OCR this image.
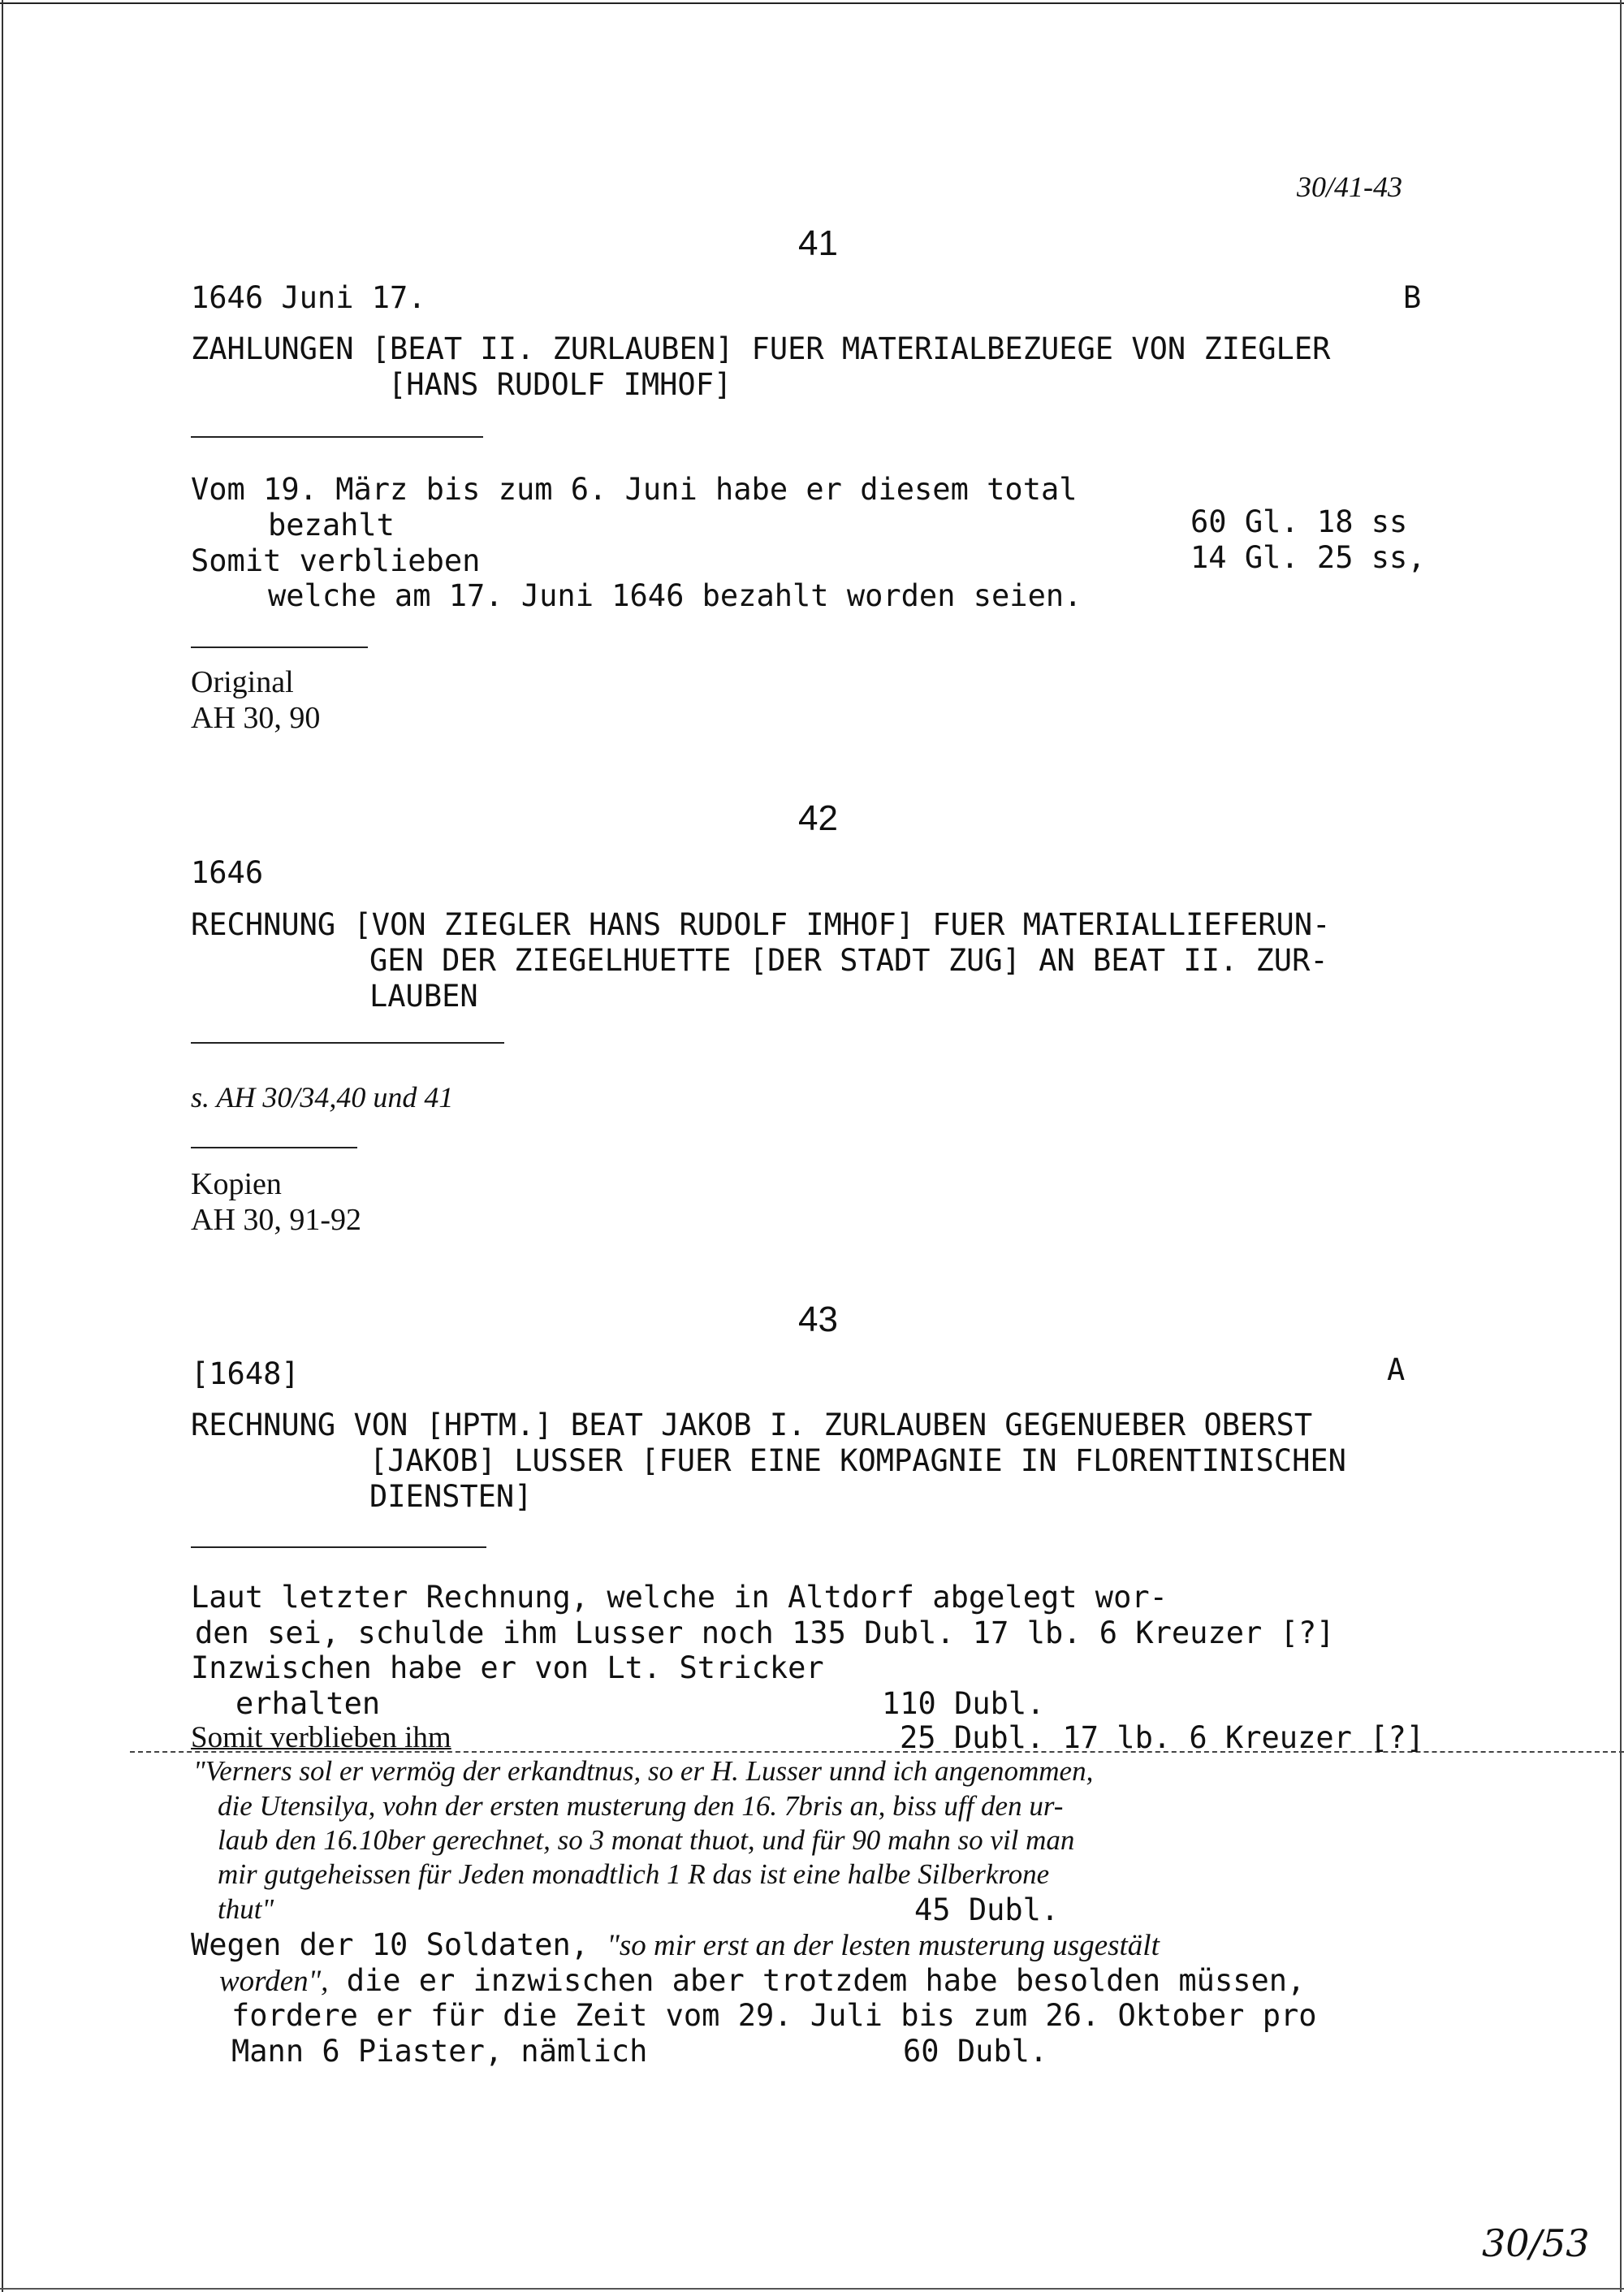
30/41-43
41
1646 Juni 17.	B
ZAHLUNGEN [BEAT II. ZURLAUBEN] FUER MATERIALBEZUEGE VON ZIEGLER
[HANS RUDOLF IMHOF]
Vom 19. März bis zum 6. Juni habe er diesem total
bezahlt	60 Gl. 18 ss
Somit verblieben	14 Gl. 25 ss,
welche am 17. Juni 1646 bezahlt worden seien.
Original
AH 30, 90
42
1646
RECHNUNG [VON ZIEGLER HANS RUDOLF IMHOF] FUER MATERIALLIEFERUN-
GEN DER ZIEGELHUETTE [DER STADT ZUG] AN BEAT II. ZUR-
LAUBEN
s. AH 30/34,40 und 41
Kopien
AH 30, 91-92
43
[1648]	A
RECHNUNG VON [HPTM.] BEAT JAKOB I. ZURLAUBEN GEGENUEBER OBERST
[JAKOB] LUSSER [FUER EINE KOMPAGNIE IN FLORENTINISCHEN
DIENSTEN]
Laut letzter Rechnung, welche in Altdorf abgelegt wor-
den sei, schulde ihm Lusser noch 135 Dubl. 17 lb. 6 Kreuzer [?]
Inzwischen habe er von Lt. Stricker
erhalten	110 Dubl.
Somit verblieben ihm	25 Dubl. 17 lb. 6 Kreuzer [?]
"Verners sol er vermög der erkandtnus, so er H. Lusser unnd ich angenommen,
die Utensilya, vohn der ersten musterung den 16. 7bris an, biss uff den ur-
laub den 16.10ber gerechnet, so 3 monat thuot, und für 90 mahn so vil man
mir gutgeheissen für Jeden monadtlich 1 R das ist eine halbe Silberkrone
thut"	45 Dubl.
Wegen der 10 Soldaten, "so mir erst an der lesten musterung usgestält
worden", die er inzwischen aber trotzdem habe besolden müssen,
fordere er für die Zeit vom 29. Juli bis zum 26. Oktober pro
Mann 6 Piaster, nämlich	60 Dubl.
30/53
